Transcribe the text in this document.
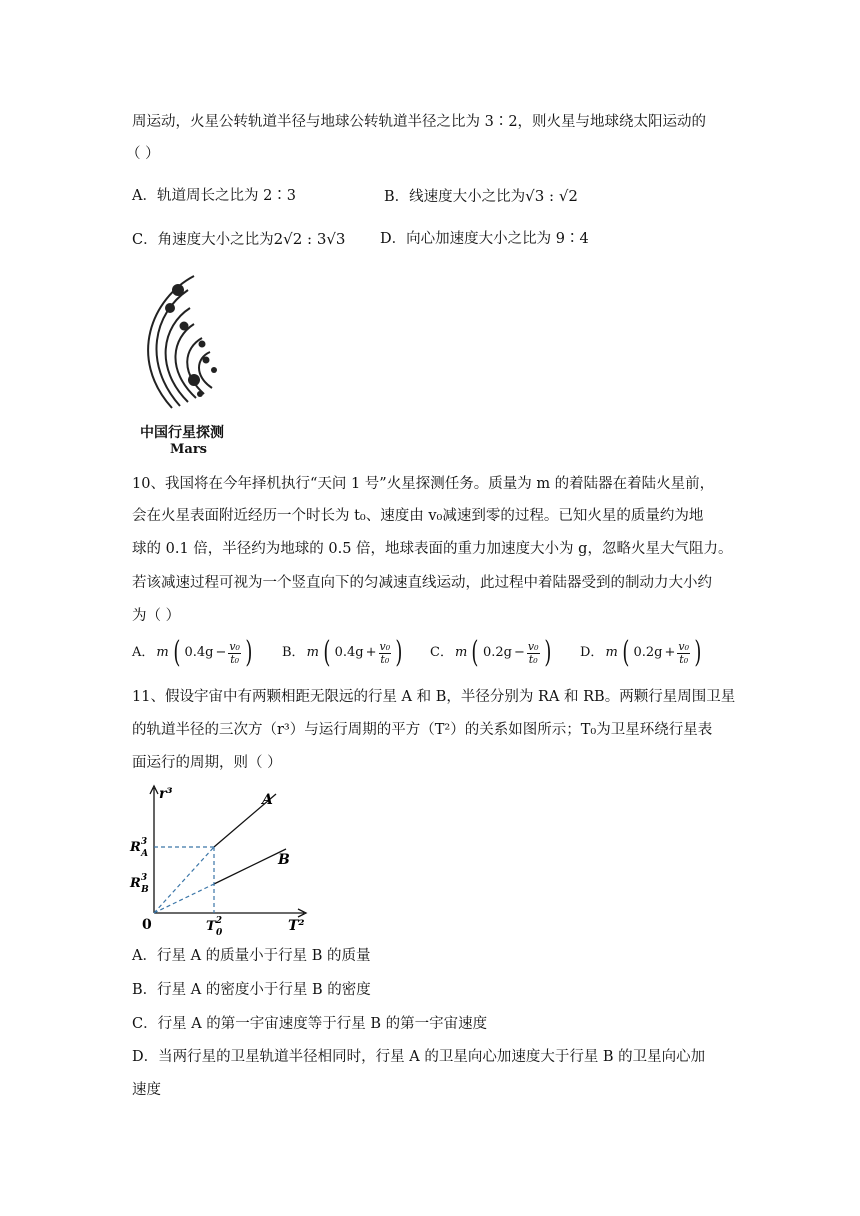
周运动，火星公转轨道半径与地球公转轨道半径之比为 3∶2，则火星与地球绕太阳运动的
（ ）
A．轨道周长之比为 2∶3	B．线速度大小之比为√3 : √2
C．角速度大小之比为2√2 : 3√3 D．向心加速度大小之比为 9∶4
中国行星探测
Mars
10、我国将在今年择机执行“天问 1 号”火星探测任务。质量为 m 的着陆器在着陆火星前，
会在火星表面附近经历一个时长为 t₀、速度由 v₀减速到零的过程。已知火星的质量约为地
球的 0.1 倍，半径约为地球的 0.5 倍，地球表面的重力加速度大小为 g，忽略火星大气阻力。
若该减速过程可视为一个竖直向下的匀减速直线运动，此过程中着陆器受到的制动力大小约
为（ ）
A． m ( $0.4g - \frac{\text{v₀}}{\text{t₀}}$ ) B． m ( $0.4g + \frac{\text{v₀}}{\text{t₀}}$ ) C． m ( $0.2g - \frac{\text{v₀}}{\text{t₀}}$ ) D． m ( $0.2g + \frac{\text{v₀}}{\text{t₀}}$ )
11、假设宇宙中有两颗相距无限远的行星 A 和 B，半径分别为 RA 和 RB。两颗行星周围卫星
的轨道半径的三次方（r³）与运行周期的平方（T²）的关系如图所示；T₀为卫星环绕行星表
面运行的周期，则（ ）
r³
T²
0
$R^3$ A
$R^3$ B
$T^2$ 0
A
B
A．行星 A 的质量小于行星 B 的质量
B．行星 A 的密度小于行星 B 的密度
C．行星 A 的第一宇宙速度等于行星 B 的第一宇宙速度
D．当两行星的卫星轨道半径相同时，行星 A 的卫星向心加速度大于行星 B 的卫星向心加
速度
